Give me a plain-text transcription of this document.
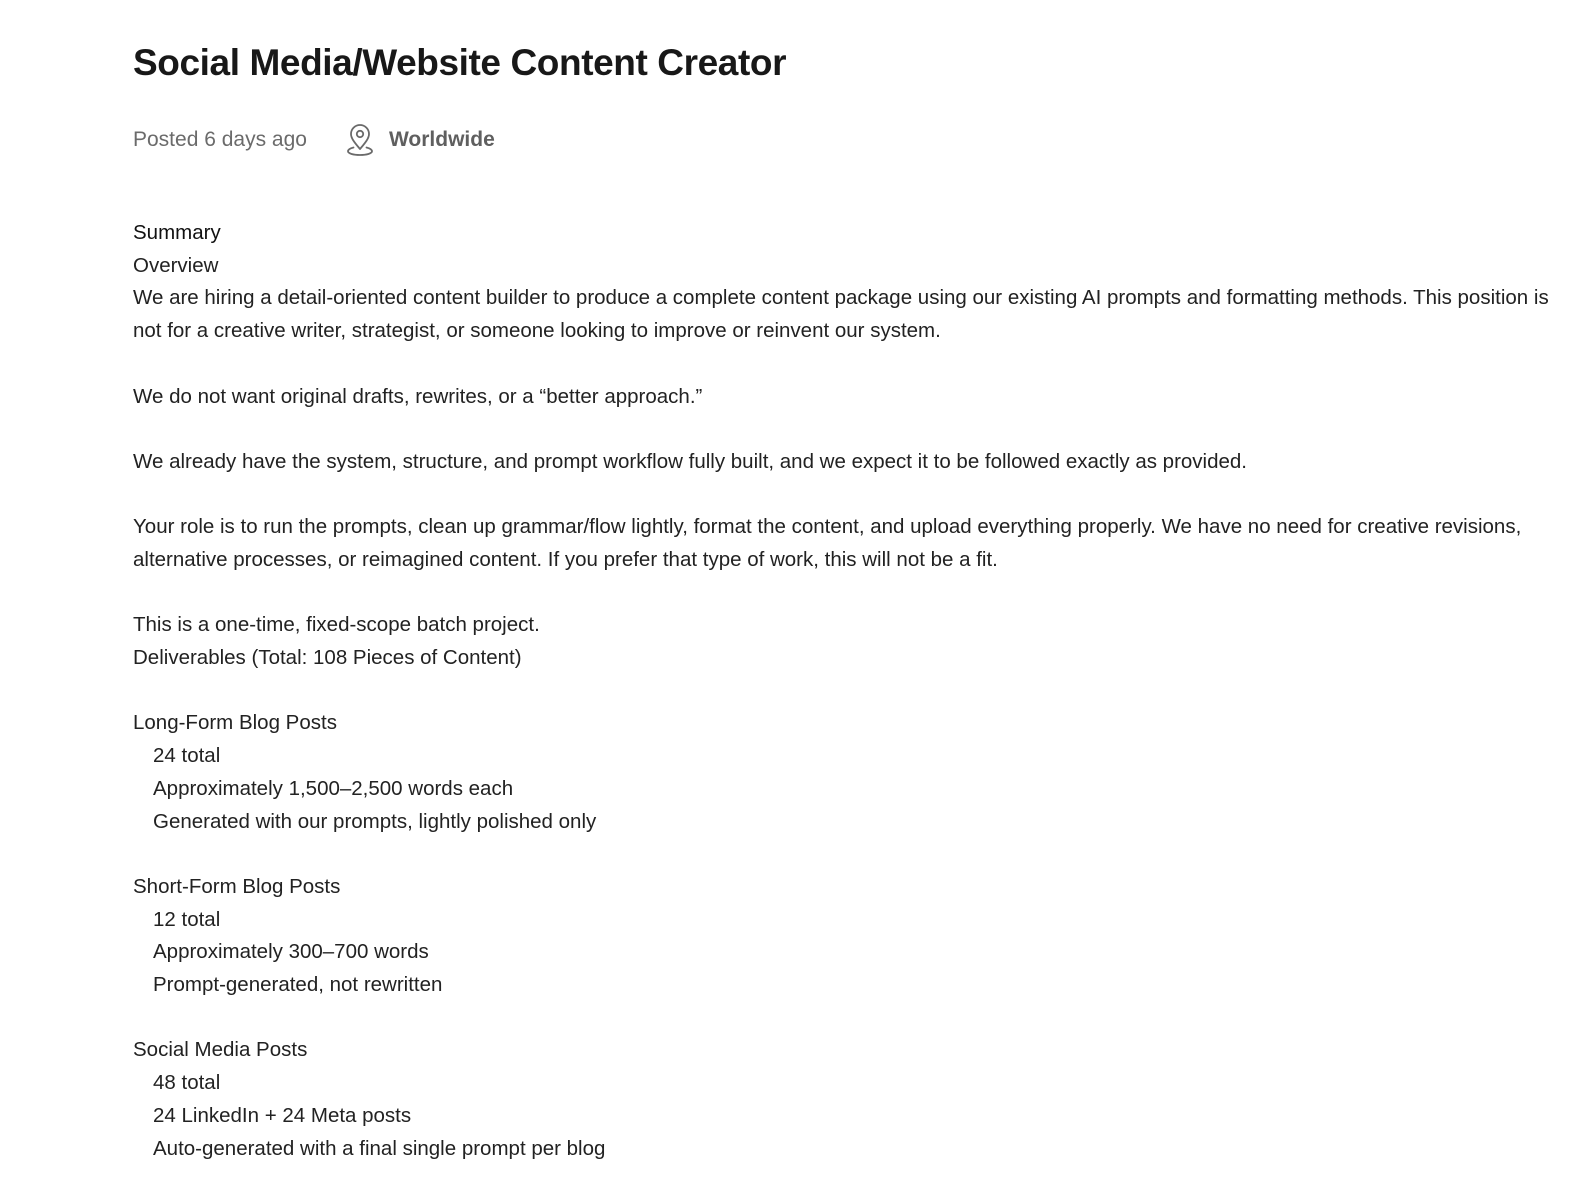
Social Media/Website Content Creator
Posted 6 days ago	Worldwide

Summary

Overview

We are hiring a detail-oriented content builder to produce a complete content package using our existing AI prompts and formatting methods. This position is not for a creative writer, strategist, or someone looking to improve or reinvent our system.

We do not want original drafts, rewrites, or a “better approach.”

We already have the system, structure, and prompt workflow fully built, and we expect it to be followed exactly as provided.

Your role is to run the prompts, clean up grammar/flow lightly, format the content, and upload everything properly. We have no need for creative revisions, alternative processes, or reimagined content. If you prefer that type of work, this will not be a fit.

This is a one-time, fixed-scope batch project.

Deliverables (Total: 108 Pieces of Content)

Long-Form Blog Posts

24 total

Approximately 1,500–2,500 words each

Generated with our prompts, lightly polished only

Short-Form Blog Posts

12 total

Approximately 300–700 words

Prompt-generated, not rewritten

Social Media Posts

48 total

24 LinkedIn + 24 Meta posts

Auto-generated with a final single prompt per blog
